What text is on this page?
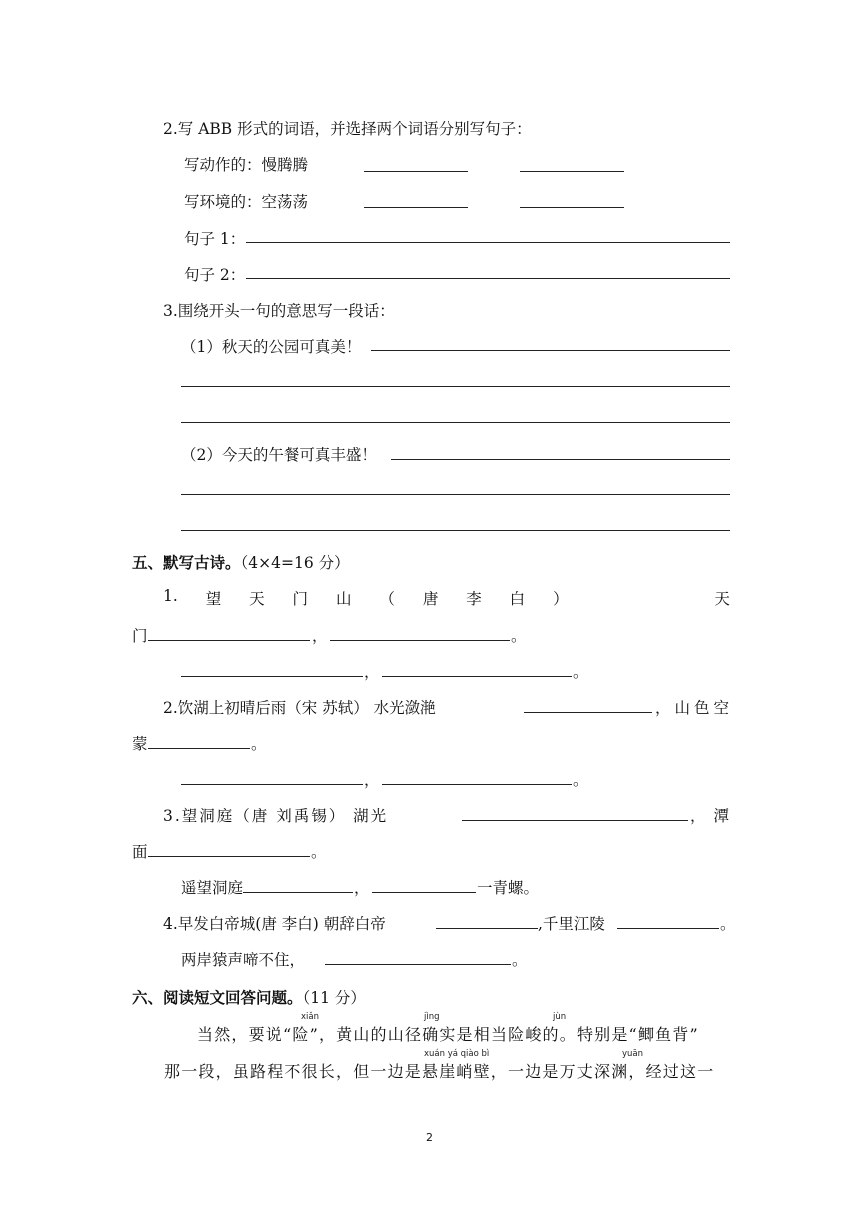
2.写 ABB 形式的词语，并选择两个词语分别写句子：
写动作的：慢腾腾
写环境的：空荡荡
句子 1：
句子 2：
3.围绕开头一句的意思写一段话：
（1）秋天的公园可真美！
（2）今天的午餐可真丰盛！
五、默写古诗。（4×4=16 分）
1. 望 天 门 山 （ 唐 李 白 ）	天
门	，	。
，	。
2.饮湖上初晴后雨（宋 苏轼） 水光潋滟	，山色空
蒙	。
，	。
3.望洞庭（唐 刘禹锡） 湖光	，潭
面	。
遥望洞庭	，	一青螺。
4.早发白帝城(唐 李白) 朝辞白帝	,千里江陵	。
两岸猿声啼不住，	。
六、阅读短文回答问题。（11 分）
xiǎn	jìng	jùn
当然，要说“险”，黄山的山径确实是相当险峻的。特别是“鲫鱼背”
xuán yá qiào bì	yuān
那一段，虽路程不很长，但一边是悬崖峭壁，一边是万丈深渊，经过这一
2
